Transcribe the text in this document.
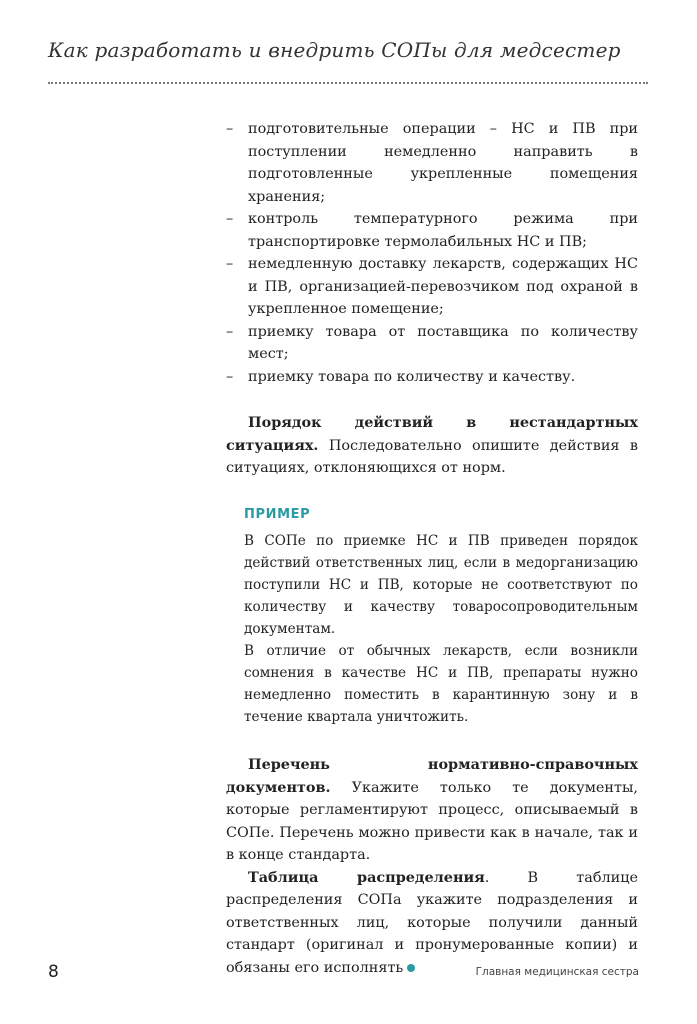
Как разработать и внедрить СОПы для медсестер
– подготовительные операции – НС и ПВ при поступлении немедленно направить в подготовленные укрепленные помещения хранения;
– контроль температурного режима при транспортировке термолабильных НС и ПВ;
– немедленную доставку лекарств, содержащих НС и ПВ, организацией-перевозчиком под охраной в укрепленное помещение;
– приемку товара от поставщика по количеству мест;
– приемку товара по количеству и качеству.

Порядок действий в нестандартных ситуациях. Последовательно опишите действия в ситуациях, отклоняющихся от норм.

ПРИМЕР

В СОПе по приемке НС и ПВ приведен порядок действий ответственных лиц, если в медорганизацию поступили НС и ПВ, которые не соответствуют по количеству и качеству товаросопроводительным документам.

В отличие от обычных лекарств, если возникли сомнения в качестве НС и ПВ, препараты нужно немедленно поместить в карантинную зону и в течение квартала уничтожить.

Перечень нормативно-справочных документов. Укажите только те документы, которые регламентируют процесс, описываемый в СОПе. Перечень можно привести как в начале, так и в конце стандарта.

Таблица распределения. В таблице распределения СОПа укажите подразделения и ответственных лиц, которые получили данный стандарт (оригинал и пронумерованные копии) и обязаны его исполнять

8	Главная медицинская сестра
